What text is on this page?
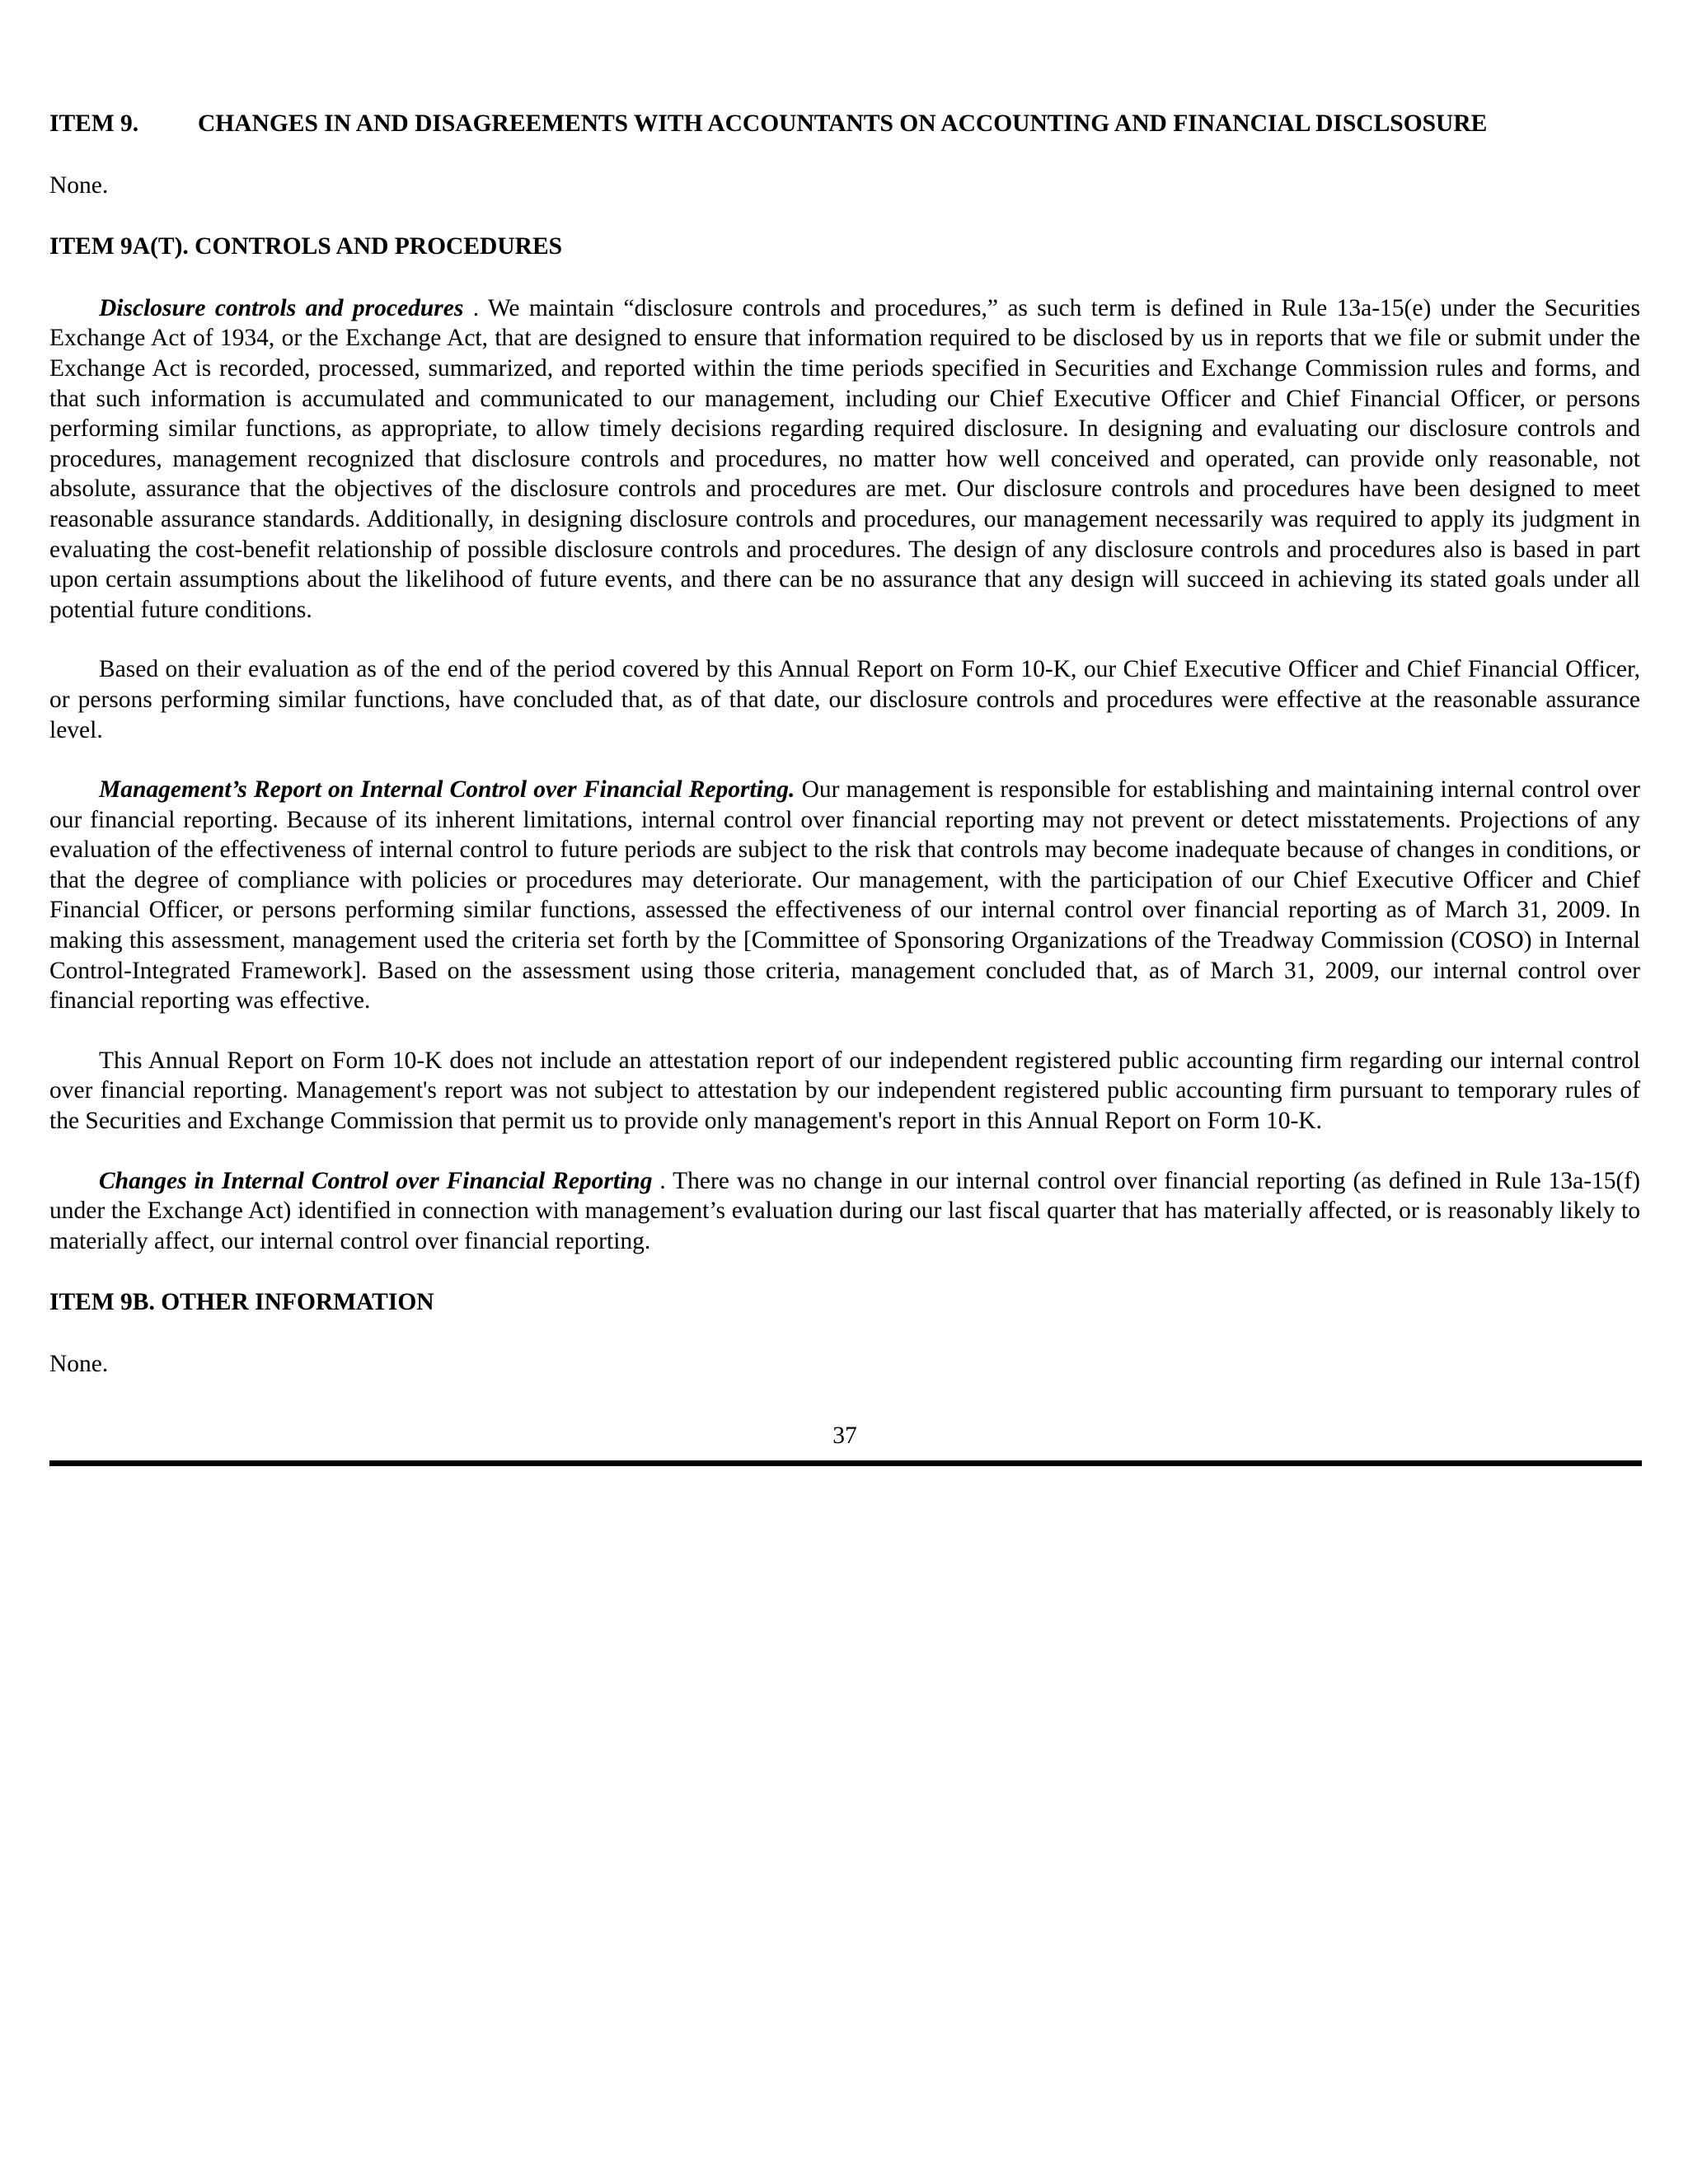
ITEM 9.	CHANGES IN AND DISAGREEMENTS WITH ACCOUNTANTS ON ACCOUNTING AND FINANCIAL DISCLSOSURE

None.

ITEM 9A(T). CONTROLS AND PROCEDURES

Disclosure controls and procedures . We maintain “disclosure controls and procedures,” as such term is defined in Rule 13a-15(e) under the Securities Exchange Act of 1934, or the Exchange Act, that are designed to ensure that information required to be disclosed by us in reports that we file or submit under the Exchange Act is recorded, processed, summarized, and reported within the time periods specified in Securities and Exchange Commission rules and forms, and that such information is accumulated and communicated to our management, including our Chief Executive Officer and Chief Financial Officer, or persons performing similar functions, as appropriate, to allow timely decisions regarding required disclosure. In designing and evaluating our disclosure controls and procedures, management recognized that disclosure controls and procedures, no matter how well conceived and operated, can provide only reasonable, not absolute, assurance that the objectives of the disclosure controls and procedures are met. Our disclosure controls and procedures have been designed to meet reasonable assurance standards. Additionally, in designing disclosure controls and procedures, our management necessarily was required to apply its judgment in evaluating the cost-benefit relationship of possible disclosure controls and procedures. The design of any disclosure controls and procedures also is based in part upon certain assumptions about the likelihood of future events, and there can be no assurance that any design will succeed in achieving its stated goals under all potential future conditions.

Based on their evaluation as of the end of the period covered by this Annual Report on Form 10-K, our Chief Executive Officer and Chief Financial Officer, or persons performing similar functions, have concluded that, as of that date, our disclosure controls and procedures were effective at the reasonable assurance level.

Management’s Report on Internal Control over Financial Reporting. Our management is responsible for establishing and maintaining internal control over our financial reporting. Because of its inherent limitations, internal control over financial reporting may not prevent or detect misstatements. Projections of any evaluation of the effectiveness of internal control to future periods are subject to the risk that controls may become inadequate because of changes in conditions, or that the degree of compliance with policies or procedures may deteriorate. Our management, with the participation of our Chief Executive Officer and Chief Financial Officer, or persons performing similar functions, assessed the effectiveness of our internal control over financial reporting as of March 31, 2009. In making this assessment, management used the criteria set forth by the [Committee of Sponsoring Organizations of the Treadway Commission (COSO) in Internal Control-Integrated Framework]. Based on the assessment using those criteria, management concluded that, as of March 31, 2009, our internal control over financial reporting was effective.

This Annual Report on Form 10-K does not include an attestation report of our independent registered public accounting firm regarding our internal control over financial reporting. Management's report was not subject to attestation by our independent registered public accounting firm pursuant to temporary rules of the Securities and Exchange Commission that permit us to provide only management's report in this Annual Report on Form 10-K.

Changes in Internal Control over Financial Reporting . There was no change in our internal control over financial reporting (as defined in Rule 13a-15(f) under the Exchange Act) identified in connection with management’s evaluation during our last fiscal quarter that has materially affected, or is reasonably likely to materially affect, our internal control over financial reporting.

ITEM 9B. OTHER INFORMATION

None.

37
